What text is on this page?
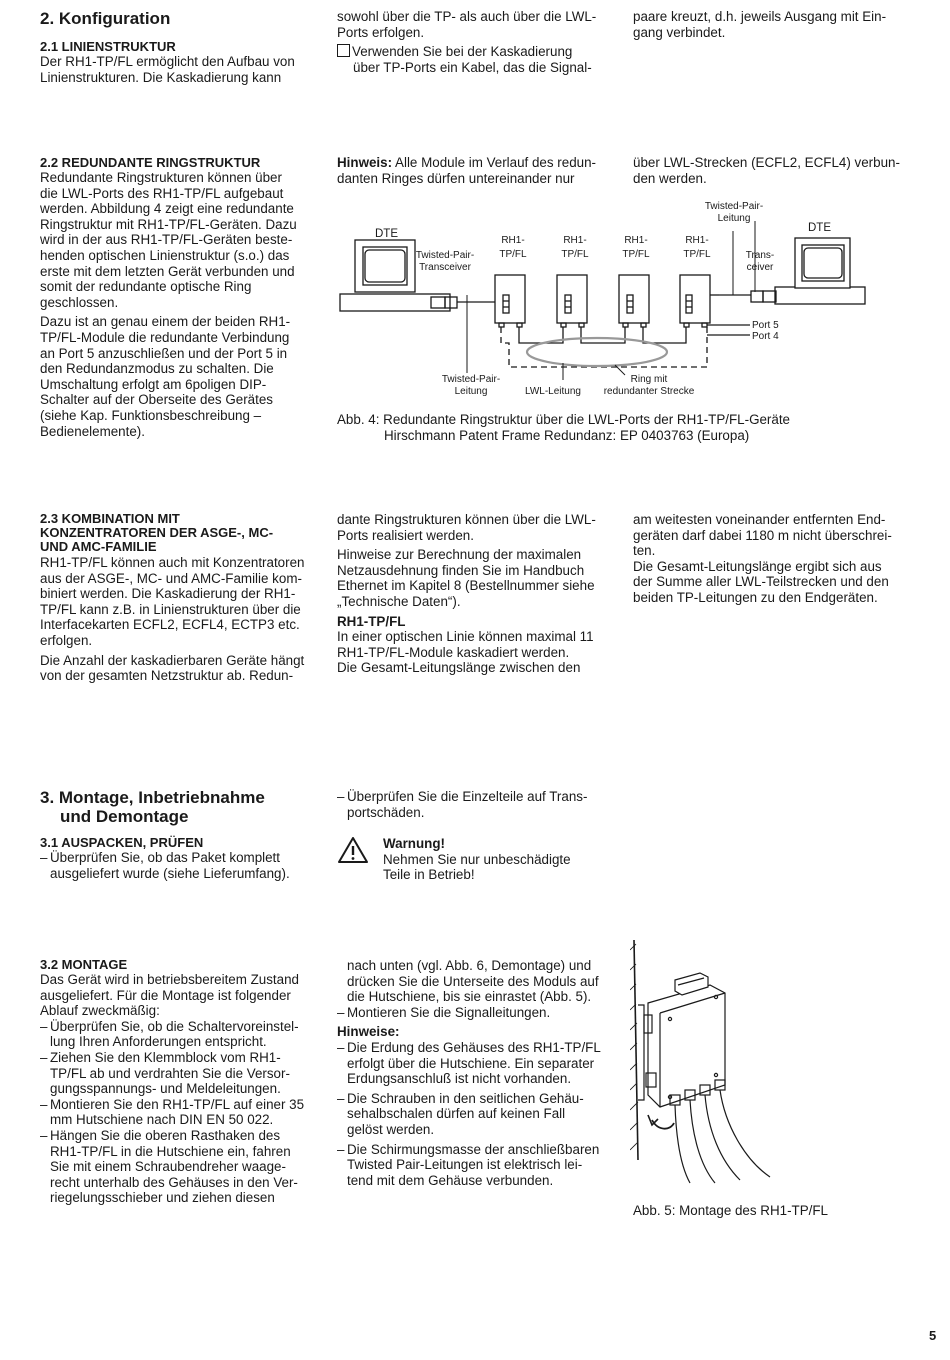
2. Konfiguration
2.1 LINIENSTRUKTUR
Der RH1-TP/FL ermöglicht den Aufbau von
Linienstrukturen. Die Kaskadierung kann
sowohl über die TP- als auch über die LWL-
Ports erfolgen.
Verwenden Sie bei der Kaskadierung
über TP-Ports ein Kabel, das die Signal-
paare kreuzt, d.h. jeweils Ausgang mit Ein-
gang verbindet.
2.2 REDUNDANTE RINGSTRUKTUR

Redundante Ringstrukturen können über
die LWL-Ports des RH1-TP/FL aufgebaut
werden. Abbildung 4 zeigt eine redundante
Ringstruktur mit RH1-TP/FL-Geräten. Dazu
wird in der aus RH1-TP/FL-Geräten beste-
henden optischen Linienstruktur (s.o.) das
erste mit dem letzten Gerät verbunden und
somit der redundante optische Ring
geschlossen.

Dazu ist an genau einem der beiden RH1-
TP/FL-Module die redundante Verbindung
an Port 5 anzuschließen und der Port 5 in
den Redundanzmodus zu schalten. Die
Umschaltung erfolgt am 6poligen DIP-
Schalter auf der Oberseite des Gerätes
(siehe Kap. Funktionsbeschreibung –
Bedienelemente).

Hinweis: Alle Module im Verlauf des redun-
danten Ringes dürfen untereinander nur
über LWL-Strecken (ECFL2, ECFL4) verbun-
den werden.
DTE	DTE
Twisted-Pair-
Transceiver
RH1-
TP/FL
RH1-
TP/FL
RH1-
TP/FL
RH1-
TP/FL
Twisted-Pair-
Leitung
Trans-
ceiver
Twisted-Pair-
Leitung	LWL-Leitung
Ring mit
redundanter Strecke
Port 5
Port 4
Abb. 4: Redundante Ringstruktur über die LWL-Ports der RH1-TP/FL-Geräte
Hirschmann Patent Frame Redundanz: EP 0403763 (Europa)
2.3 KOMBINATION MIT
KONZENTRATOREN DER ASGE-, MC-
UND AMC-FAMILIE

RH1-TP/FL können auch mit Konzentratoren
aus der ASGE-, MC- und AMC-Familie kom-
biniert werden. Die Kaskadierung der RH1-
TP/FL kann z.B. in Linienstrukturen über die
Interfacekarten ECFL2, ECFL4, ECTP3 etc.
erfolgen.

Die Anzahl der kaskadierbaren Geräte hängt
von der gesamten Netzstruktur ab. Redun-

dante Ringstrukturen können über die LWL-
Ports realisiert werden.

Hinweise zur Berechnung der maximalen
Netzausdehnung finden Sie im Handbuch
Ethernet im Kapitel 8 (Bestellnummer siehe
„Technische Daten“).

RH1-TP/FL
In einer optischen Linie können maximal 11
RH1-TP/FL-Module kaskadiert werden.
Die Gesamt-Leitungslänge zwischen den
am weitesten voneinander entfernten End-
geräten darf dabei 1180 m nicht überschrei-
ten.
Die Gesamt-Leitungslänge ergibt sich aus
der Summe aller LWL-Teilstrecken und den
beiden TP-Leitungen zu den Endgeräten.
3. Montage, Inbetriebnahme
und Demontage
3.1 AUSPACKEN, PRÜFEN
– Überprüfen Sie, ob das Paket komplett
ausgeliefert wurde (siehe Lieferumfang).
– Überprüfen Sie die Einzelteile auf Trans-
portschäden.
Warnung!
Nehmen Sie nur unbeschädigte
Teile in Betrieb!
3.2 MONTAGE
Das Gerät wird in betriebsbereitem Zustand
ausgeliefert. Für die Montage ist folgender
Ablauf zweckmäßig:
– Überprüfen Sie, ob die Schaltervoreinstel-
lung Ihren Anforderungen entspricht.
– Ziehen Sie den Klemmblock vom RH1-
TP/FL ab und verdrahten Sie die Versor-
gungsspannungs- und Meldeleitungen.
– Montieren Sie den RH1-TP/FL auf einer 35
mm Hutschiene nach DIN EN 50 022.
– Hängen Sie die oberen Rasthaken des
RH1-TP/FL in die Hutschiene ein, fahren
Sie mit einem Schraubendreher waage-
recht unterhalb des Gehäuses in den Ver-
riegelungsschieber und ziehen diesen
nach unten (vgl. Abb. 6, Demontage) und
drücken Sie die Unterseite des Moduls auf
die Hutschiene, bis sie einrastet (Abb. 5).
– Montieren Sie die Signalleitungen.
Hinweise:
– Die Erdung des Gehäuses des RH1-TP/FL
erfolgt über die Hutschiene. Ein separater
Erdungsanschluß ist nicht vorhanden.
– Die Schrauben in den seitlichen Gehäu-
sehalbschalen dürfen auf keinen Fall
gelöst werden.
– Die Schirmungsmasse der anschließbaren
Twisted Pair-Leitungen ist elektrisch lei-
tend mit dem Gehäuse verbunden.
Abb. 5: Montage des RH1-TP/FL
5
